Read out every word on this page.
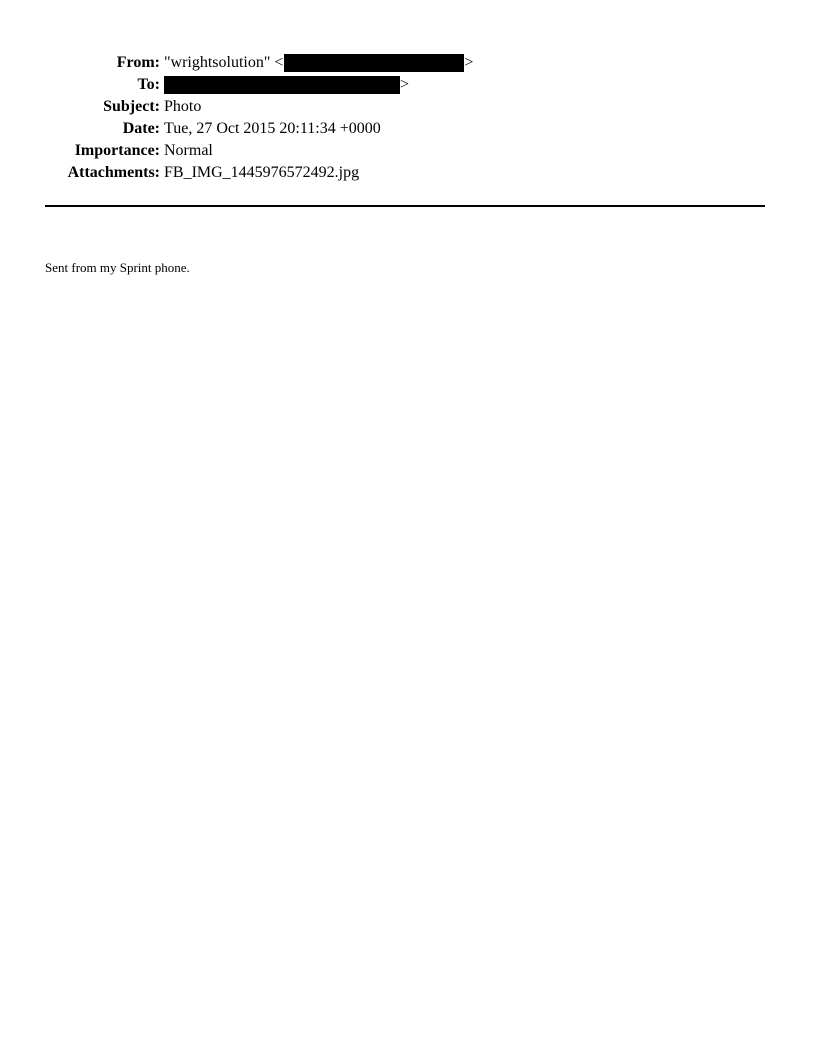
From: "wrightsolution" <	>
To:	>
Subject: Photo
Date: Tue, 27 Oct 2015 20:11:34 +0000
Importance: Normal
Attachments: FB_IMG_1445976572492.jpg
Sent from my Sprint phone.
